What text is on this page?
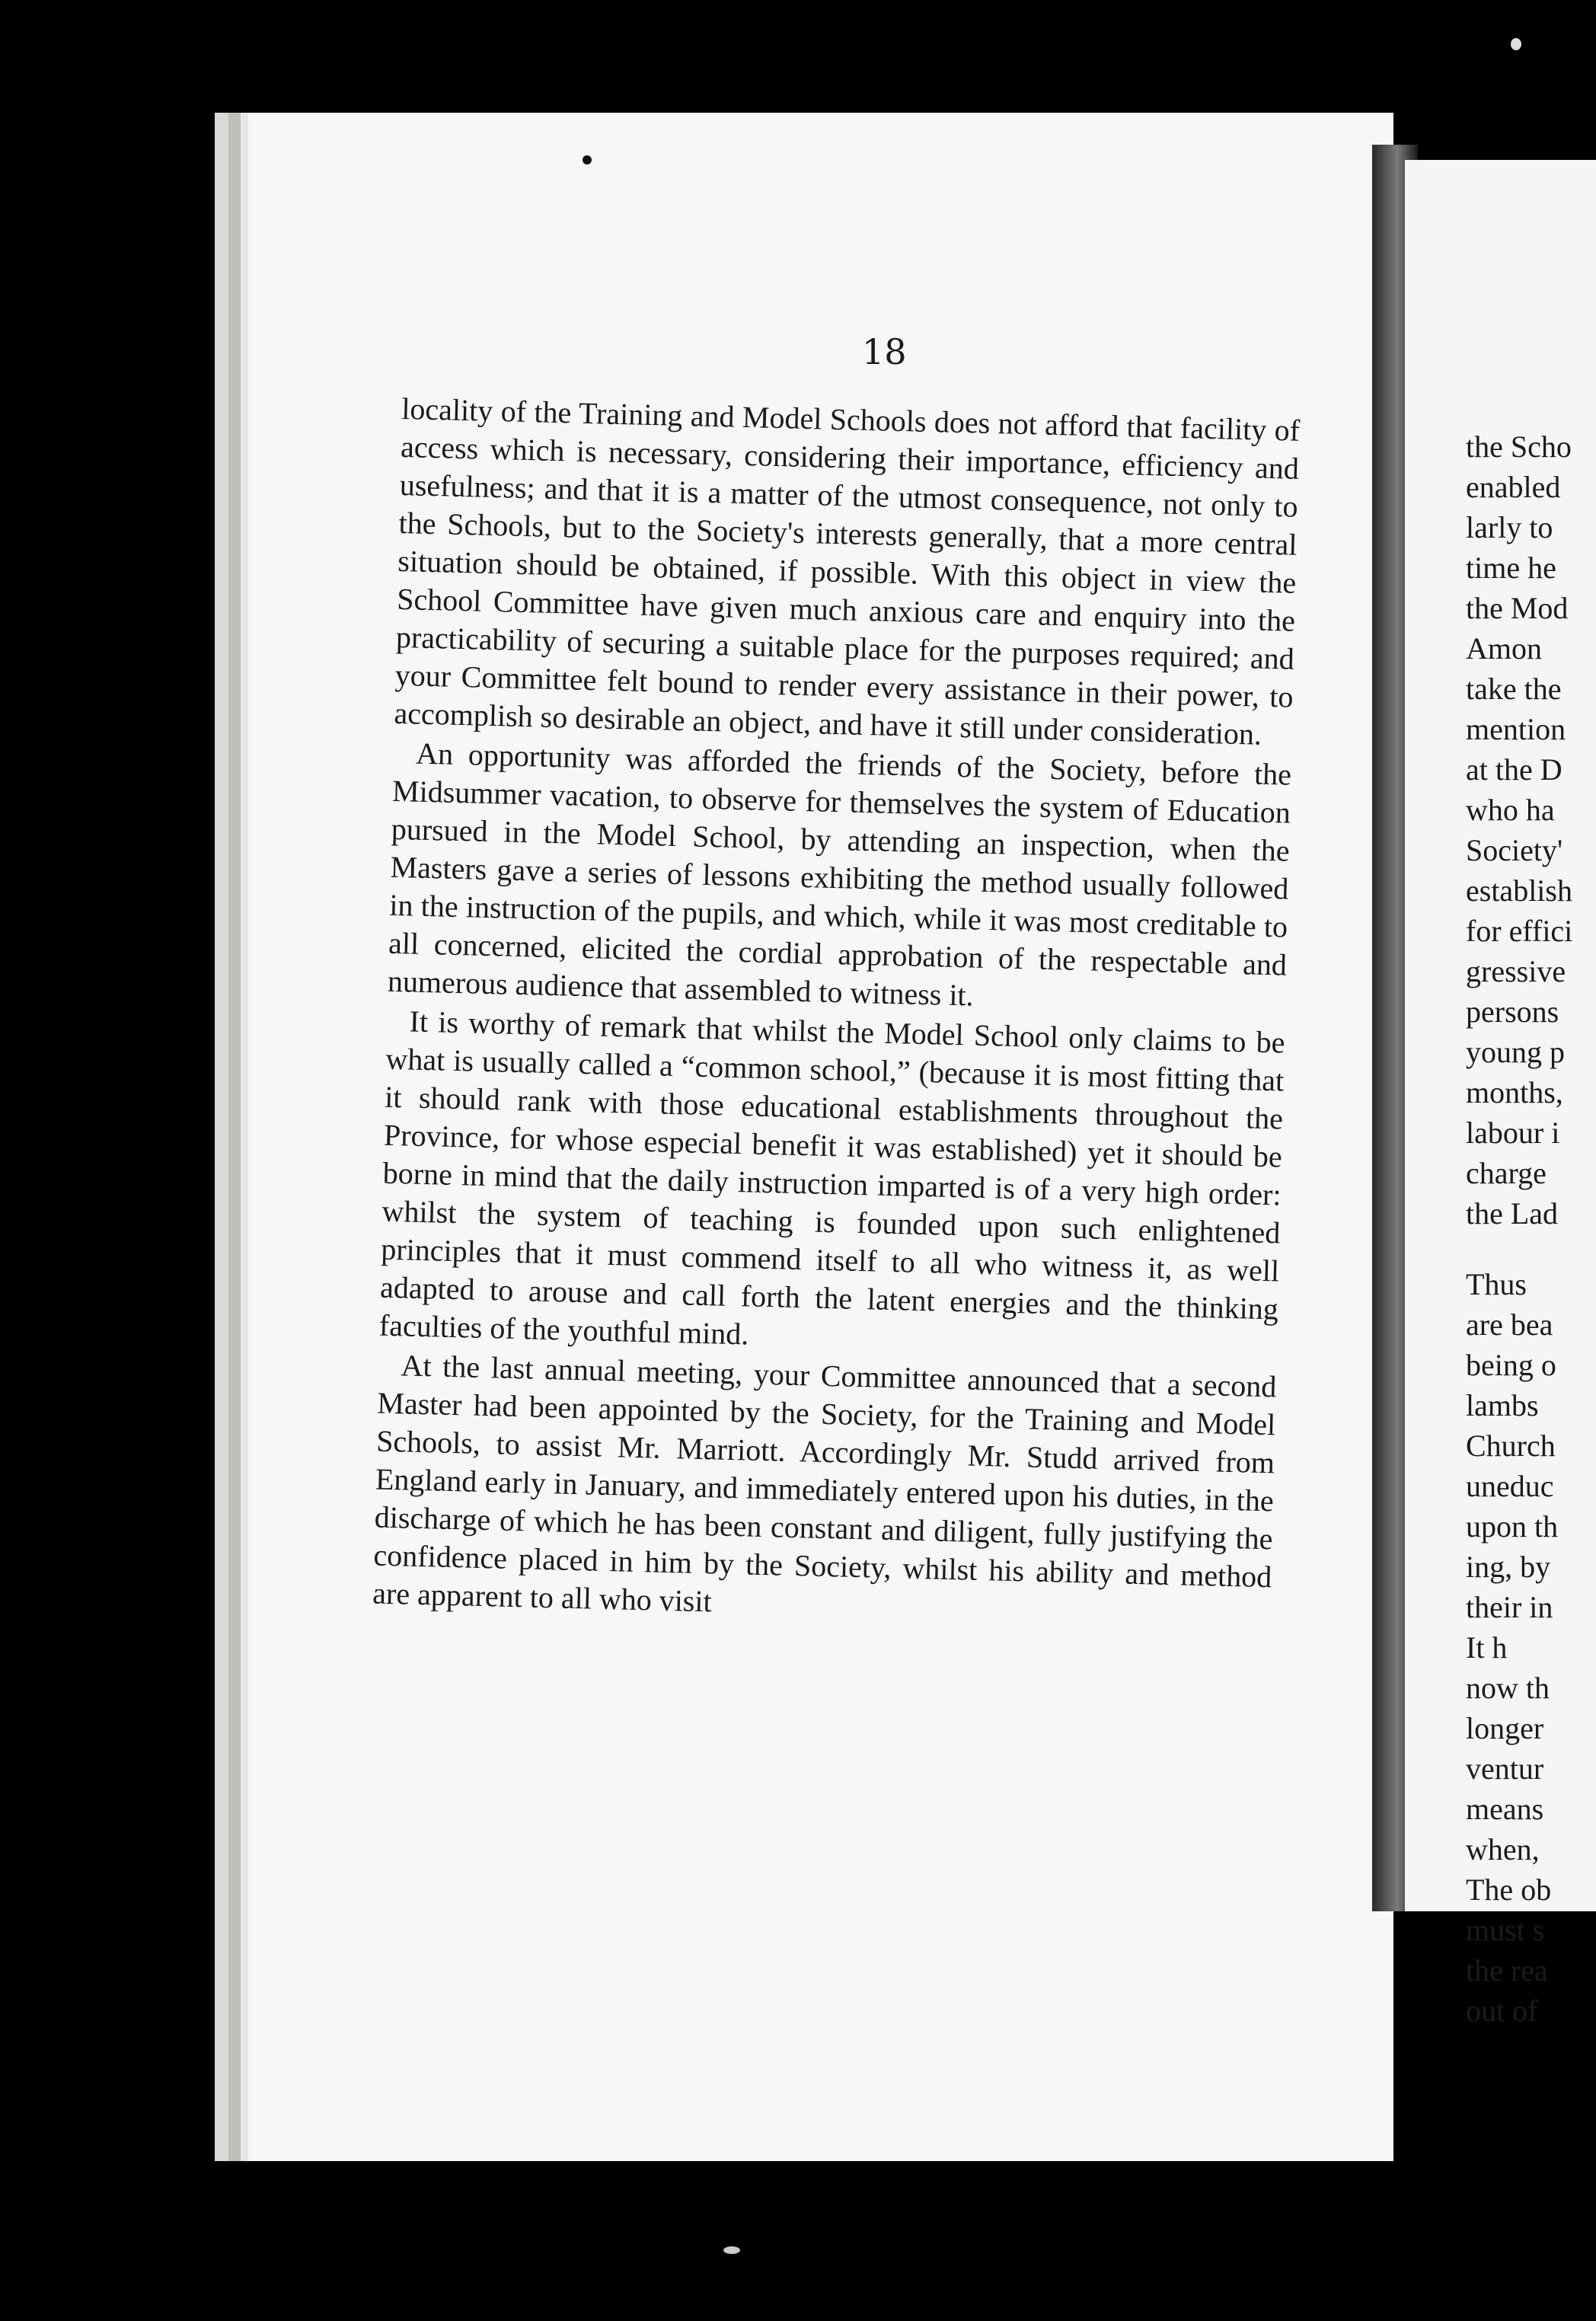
18

locality of the Training and Model Schools does not afford that facility of access which is necessary, considering their importance, efficiency and usefulness; and that it is a matter of the utmost consequence, not only to the Schools, but to the Society's interests generally, that a more central situation should be obtained, if possible. With this object in view the School Committee have given much anxious care and enquiry into the practicability of securing a suitable place for the purposes required; and your Committee felt bound to render every assistance in their power, to accomplish so desirable an object, and have it still under consideration.

An opportunity was afforded the friends of the Society, before the Midsummer vacation, to observe for themselves the system of Education pursued in the Model School, by attending an inspection, when the Masters gave a series of lessons exhibiting the method usually followed in the instruction of the pupils, and which, while it was most creditable to all concerned, elicited the cordial approbation of the respectable and numerous audience that assembled to witness it.

It is worthy of remark that whilst the Model School only claims to be what is usually called a “common school,” (because it is most fitting that it should rank with those educational establishments throughout the Province, for whose especial benefit it was established) yet it should be borne in mind that the daily instruction imparted is of a very high order: whilst the system of teaching is founded upon such enlightened principles that it must commend itself to all who witness it, as well adapted to arouse and call forth the latent energies and the thinking faculties of the youthful mind.

At the last annual meeting, your Committee announced that a second Master had been appointed by the Society, for the Training and Model Schools, to assist Mr. Marriott. Accordingly Mr. Studd arrived from England early in January, and immediately entered upon his duties, in the discharge of which he has been constant and diligent, fully justifying the confidence placed in him by the Society, whilst his ability and method are apparent to all who visit

the Scho
enabled
larly to
time he
the Mod
Amon
take the
mention
at the D
who ha
Society'
establish
for effici
gressive
persons
young p
months,
labour i
charge
the Lad
Thus
are bea
being o
lambs
Church
uneduc
upon th
ing, by
their in
It h
now th
longer
ventur
means
when,
The ob
must s
the rea
out of
